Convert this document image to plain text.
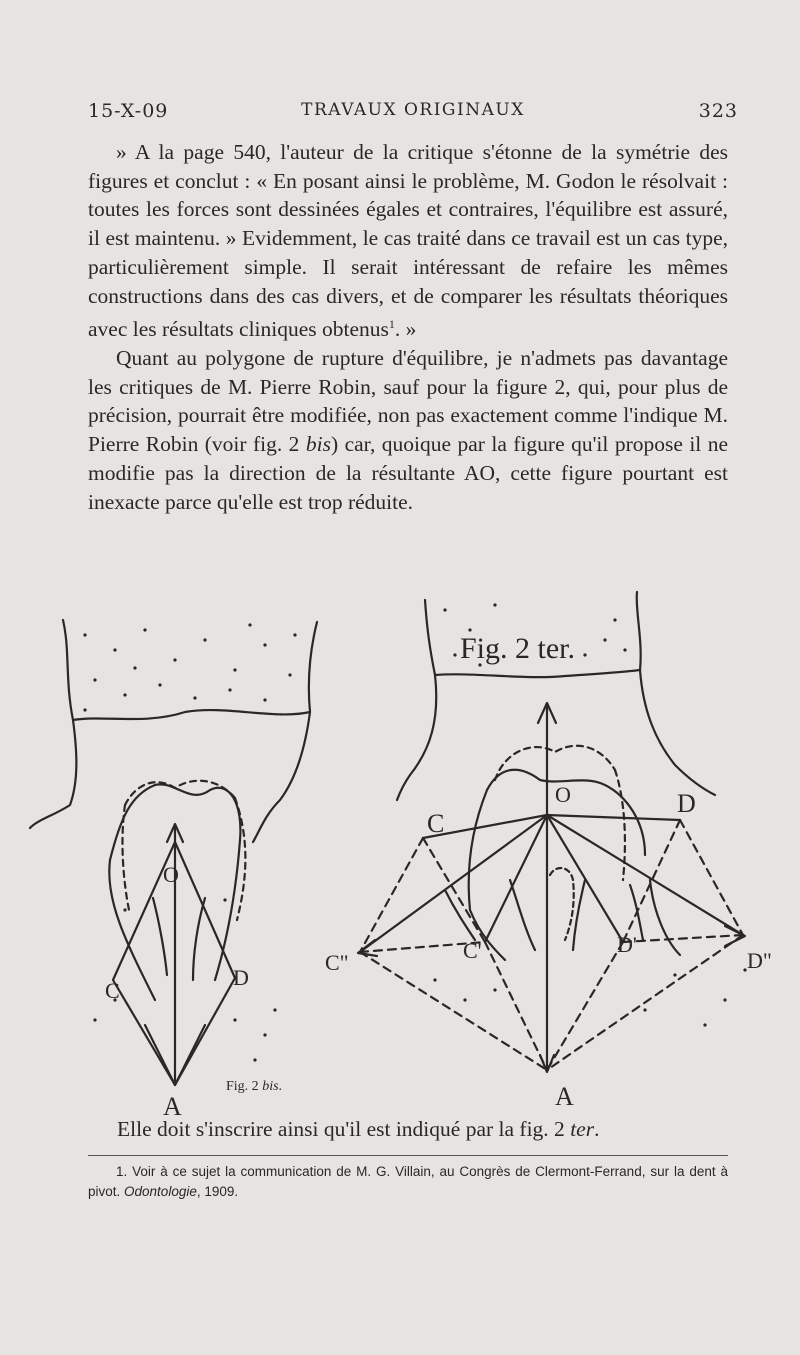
15-X-09	TRAVAUX ORIGINAUX	323

» A la page 540, l'auteur de la critique s'étonne de la symétrie des figures et conclut : « En posant ainsi le problème, M. Godon le résolvait : toutes les forces sont dessinées égales et contraires, l'équilibre est assuré, il est maintenu. » Evidemment, le cas traité dans ce travail est un cas type, particulièrement simple. Il serait intéressant de refaire les mêmes constructions dans des cas divers, et de comparer les résultats théoriques avec les résultats cliniques obtenus$^1$. »

Quant au polygone de rupture d'équilibre, je n'admets pas davantage les critiques de M. Pierre Robin, sauf pour la figure 2, qui, pour plus de précision, pourrait être modifiée, non pas exactement comme l'indique M. Pierre Robin (voir fig. 2 bis) car, quoique par la figure qu'il propose il ne modifie pas la direction de la résultante AO, cette figure pourtant est inexacte parce qu'elle est trop réduite.

O
C
D
A
Fig. 2 ter.
O
C
D
C'	D'
C"	D"
A
Fig. 2 bis.
Elle doit s'inscrire ainsi qu'il est indiqué par la fig. 2 ter.
1. Voir à ce sujet la communication de M. G. Villain, au Congrès de Clermont-Ferrand, sur la dent à pivot. Odontologie, 1909.
